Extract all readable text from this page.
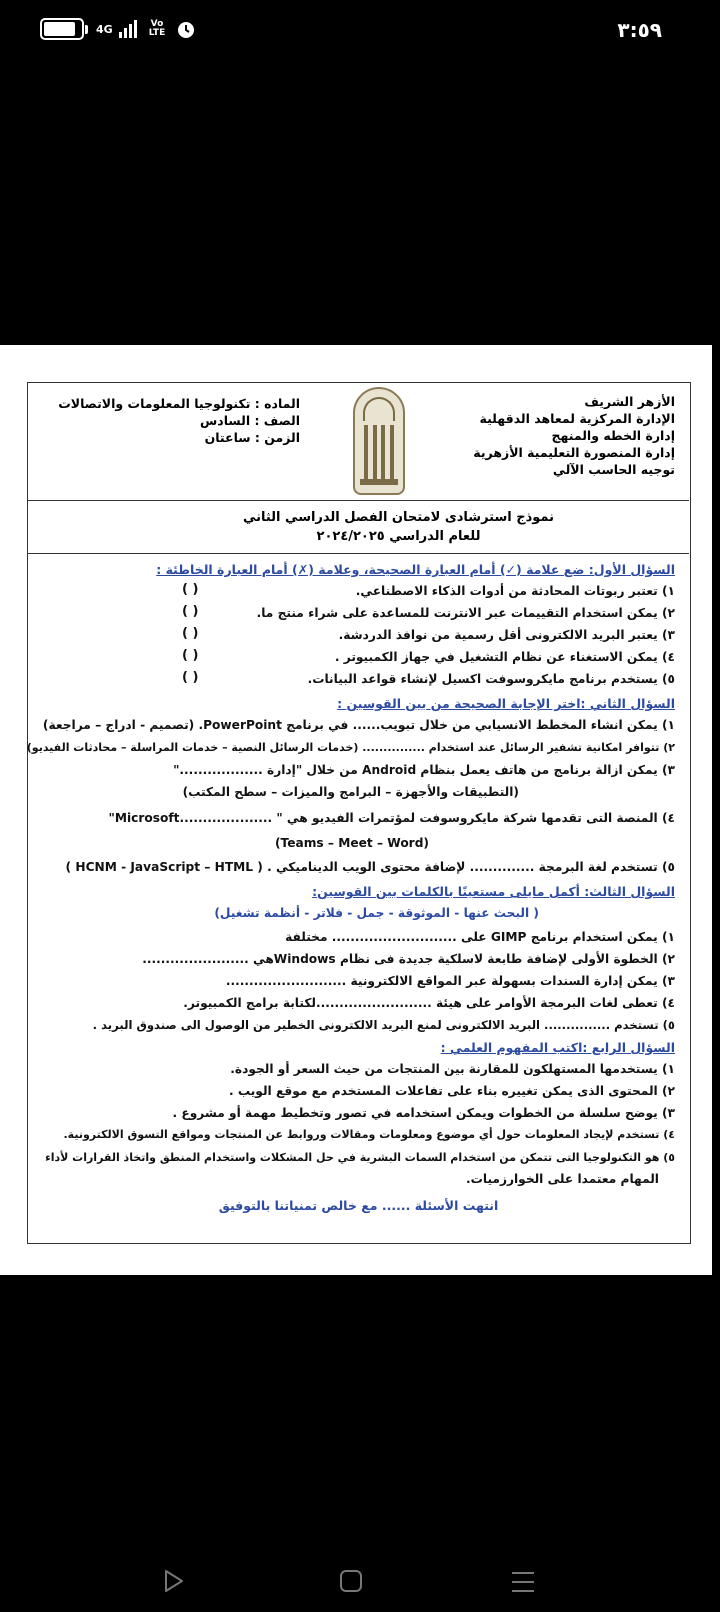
4G	Vo
LTE	٣:٥٩
الأزهر الشريف
الإدارة المركزية لمعاهد الدقهلية
إدارة الخطه والمنهج
إدارة المنصورة التعليمية الأزهرية
توجيه الحاسب الآلي
الماده : تكنولوجيا المعلومات والاتصالات
الصف : السادس
الزمن : ساعتان
نموذج استرشادى لامتحان الفصل الدراسي الثاني
للعام الدراسي ٢٠٢٤/٢٠٢٥
السؤال الأول: ضع علامة (✓) أمام العبارة الصحيحة، وعلامة (✗) أمام العبارة الخاطئة :
١) تعتبر ربوتات المحادثة من أدوات الذكاء الاصطناعي.
٢) يمكن استخدام التقييمات عبر الانترنت للمساعدة على شراء منتج ما.
٣) يعتبر البريد الالكترونى أقل رسمية من نوافذ الدردشة.
٤) يمكن الاستغناء عن نظام التشغيل في جهاز الكمبيوتر .
٥) يستخدم برنامج مايكروسوفت اكسيل لإنشاء قواعد البيانات.
( )
( )
( )
( )
( )
السؤال الثاني :اختر الإجابة الصحيحة من بين القوسين :
١) يمكن انشاء المخطط الانسيابي من خلال تبويب...... في برنامج PowerPoint. (تصميم - ادراج – مراجعة)
٢) تتوافر امكانية تشفير الرسائل عند استخدام ............... (خدمات الرسائل النصية – خدمات المراسلة – محادثات الفيديو)
٣) يمكن ازالة برنامج من هاتف يعمل بنظام Android من خلال "إدارة .................."
(التطبيقات والأجهزة – البرامج والميزات – سطح المكتب)
٤) المنصة التى تقدمها شركة مايكروسوفت لمؤتمرات الفيديو هي " ....................Microsoft"
(Teams – Meet – Word)
٥) تستخدم لغة البرمجة .............. لإضافة محتوى الويب الديناميكي . ( HCNM - JavaScript – HTML )
السؤال الثالث: أكمل مايلى مستعينًا بالكلمات بين القوسين:
( البحث عنها - الموثوقة - جمل - فلاتر - أنظمة تشغيل)
١) يمكن استخدام برنامج GIMP على ........................... مختلفة
٢) الخطوة الأولى لإضافة طابعة لاسلكية جديدة فى نظام Windowsهي .......................
٣) يمكن إدارة السندات بسهولة عبر المواقع الالكترونية ..........................
٤) تعطى لغات البرمجة الأوامر على هيئة .........................لكتابة برامج الكمبيوتر.
٥) تستخدم ............... البريد الالكترونى لمنع البريد الالكترونى الخطير من الوصول الى صندوق البريد .
السؤال الرابع :اكتب المفهوم العلمي :
١) يستخدمها المستهلكون للمقارنة بين المنتجات من حيث السعر أو الجودة.
٢) المحتوى الذى يمكن تغييره بناء على تفاعلات المستخدم مع موقع الويب .
٣) يوضح سلسلة من الخطوات ويمكن استخدامه في تصور وتخطيط مهمة أو مشروع .
٤) تستخدم لإيجاد المعلومات حول أي موضوع ومعلومات ومقالات وروابط عن المنتجات ومواقع التسوق الالكترونية.
٥) هو التكنولوجيا التى تتمكن من استخدام السمات البشرية في حل المشكلات واستخدام المنطق واتخاذ القرارات لأداء
المهام معتمدا على الخوارزميات.
انتهت الأسئلة ...... مع خالص تمنياتنا بالتوفيق
